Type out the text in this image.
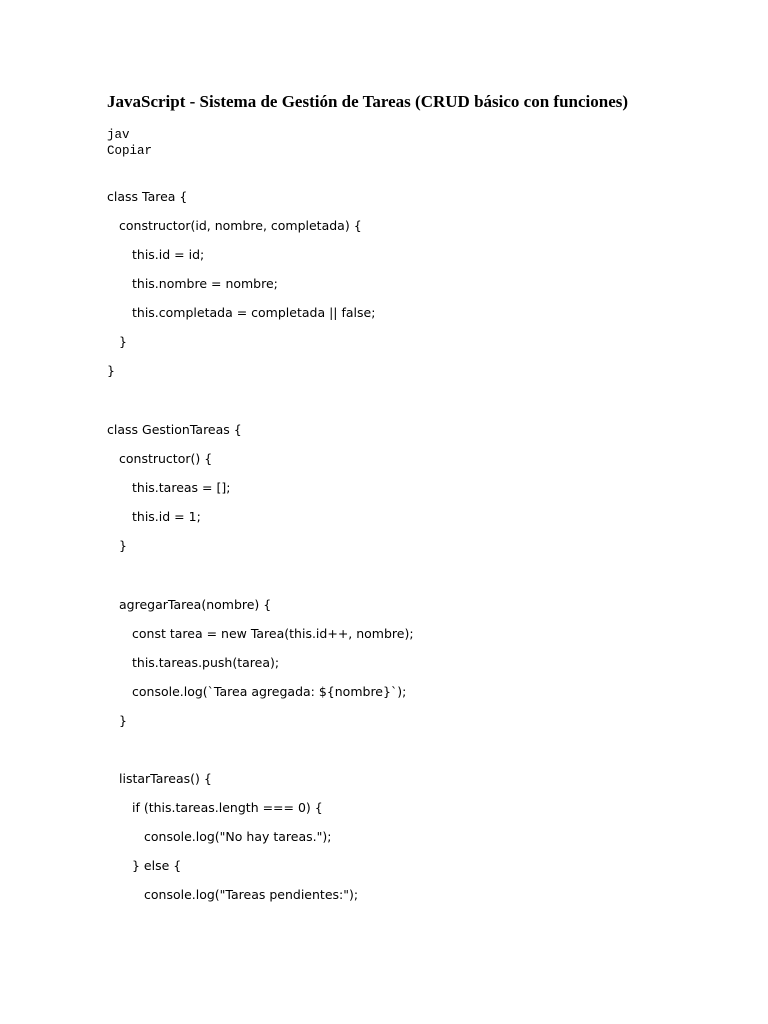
JavaScript - Sistema de Gestión de Tareas (CRUD básico con funciones)
jav
Copiar
class Tarea {
constructor(id, nombre, completada) {
this.id = id;
this.nombre = nombre;
this.completada = completada || false;
}
}
class GestionTareas {
constructor() {
this.tareas = [];
this.id = 1;
}
agregarTarea(nombre) {
const tarea = new Tarea(this.id++, nombre);
this.tareas.push(tarea);
console.log(`Tarea agregada: ${nombre}`);
}
listarTareas() {
if (this.tareas.length === 0) {
console.log("No hay tareas.");
} else {
console.log("Tareas pendientes:");
